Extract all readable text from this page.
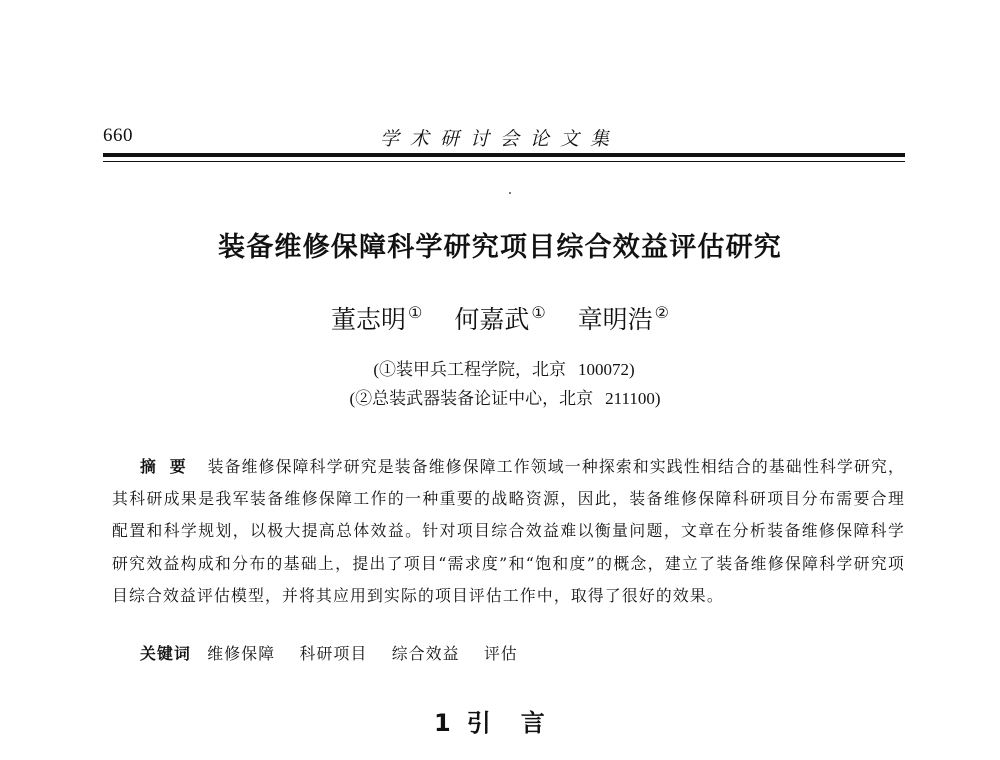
660	学术研讨会论文集
装备维修保障科学研究项目综合效益评估研究
董志明 ① 何嘉武 ① 章明浩 ②
(①装甲兵工程学院，北京 100072)
(②总装武器装备论证中心，北京 211100)

摘要 装备维修保障科学研究是装备维修保障工作领域一种探索和实践性相结合的基础性科学研究，其科研成果是我军装备维修保障工作的一种重要的战略资源，因此，装备维修保障科研项目分布需要合理配置和科学规划，以极大提高总体效益。针对项目综合效益难以衡量问题，文章在分析装备维修保障科学研究效益构成和分布的基础上，提出了项目“需求度”和“饱和度”的概念，建立了装备维修保障科学研究项目综合效益评估模型，并将其应用到实际的项目评估工作中，取得了很好的效果。

关键词 维修保障 科研项目 综合效益 评估
1 引言
